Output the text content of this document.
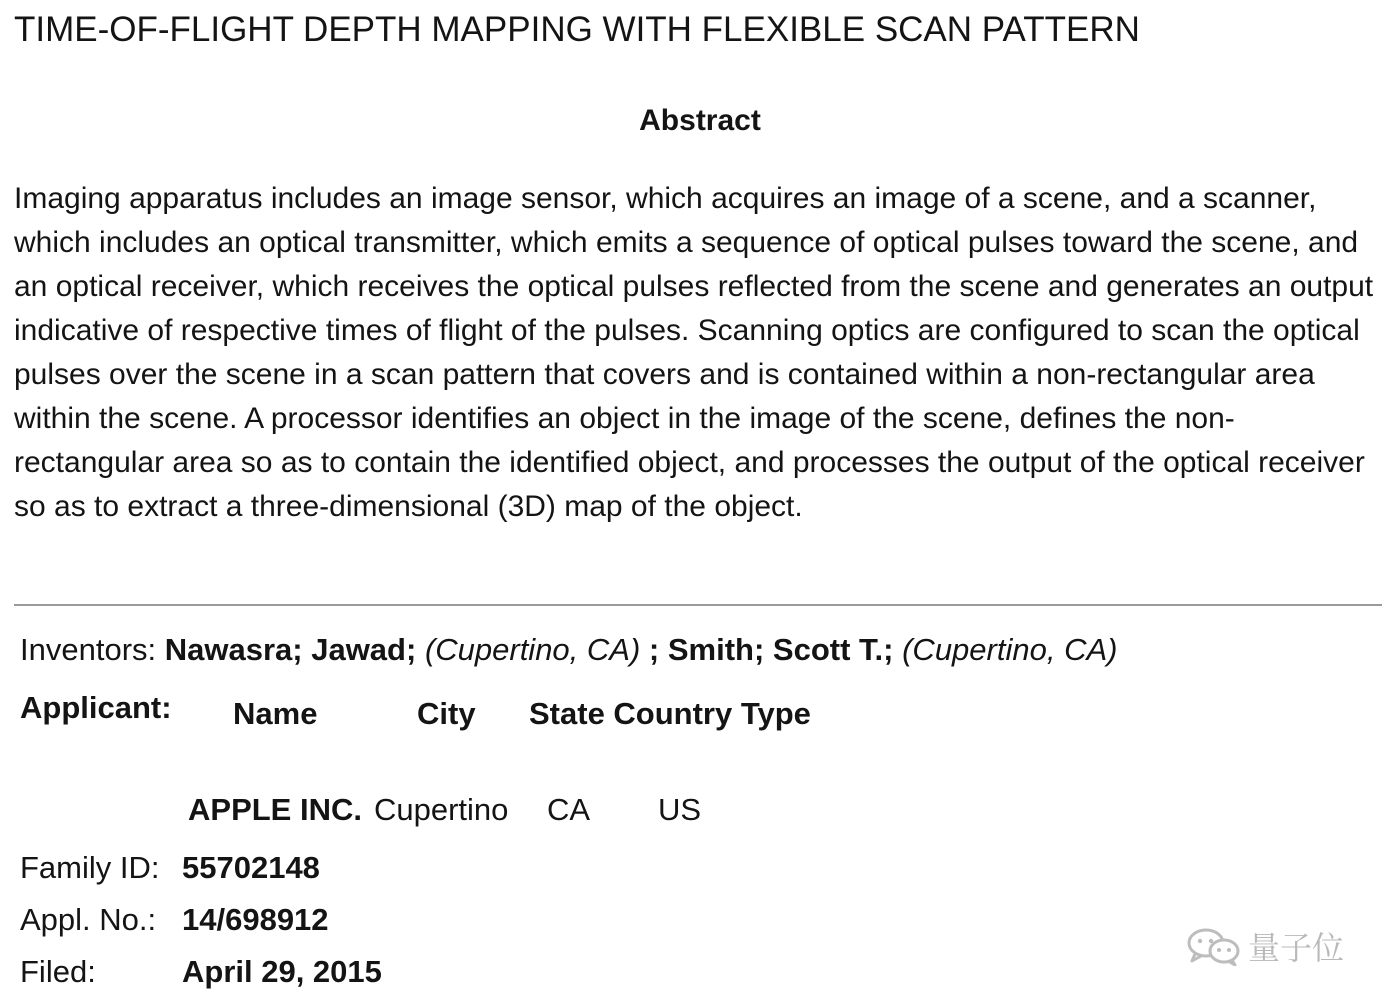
TIME-OF-FLIGHT DEPTH MAPPING WITH FLEXIBLE SCAN PATTERN
Abstract

Imaging apparatus includes an image sensor, which acquires an image of a scene, and a scanner, which includes an optical transmitter, which emits a sequence of optical pulses toward the scene, and an optical receiver, which receives the optical pulses reflected from the scene and generates an output indicative of respective times of flight of the pulses. Scanning optics are configured to scan the optical pulses over the scene in a scan pattern that covers and is contained within a non-rectangular area within the scene. A processor identifies an object in the image of the scene, defines the non-rectangular area so as to contain the identified object, and processes the output of the optical receiver so as to extract a three-dimensional (3D) map of the object.

Inventors: Nawasra; Jawad; (Cupertino, CA) ; Smith; Scott T.; (Cupertino, CA)
Applicant: Name	City State Country Type
APPLE INC. Cupertino CA US
Family ID: 55702148
Appl. No.: 14/698912
Filed:	April 29, 2015
量子位
